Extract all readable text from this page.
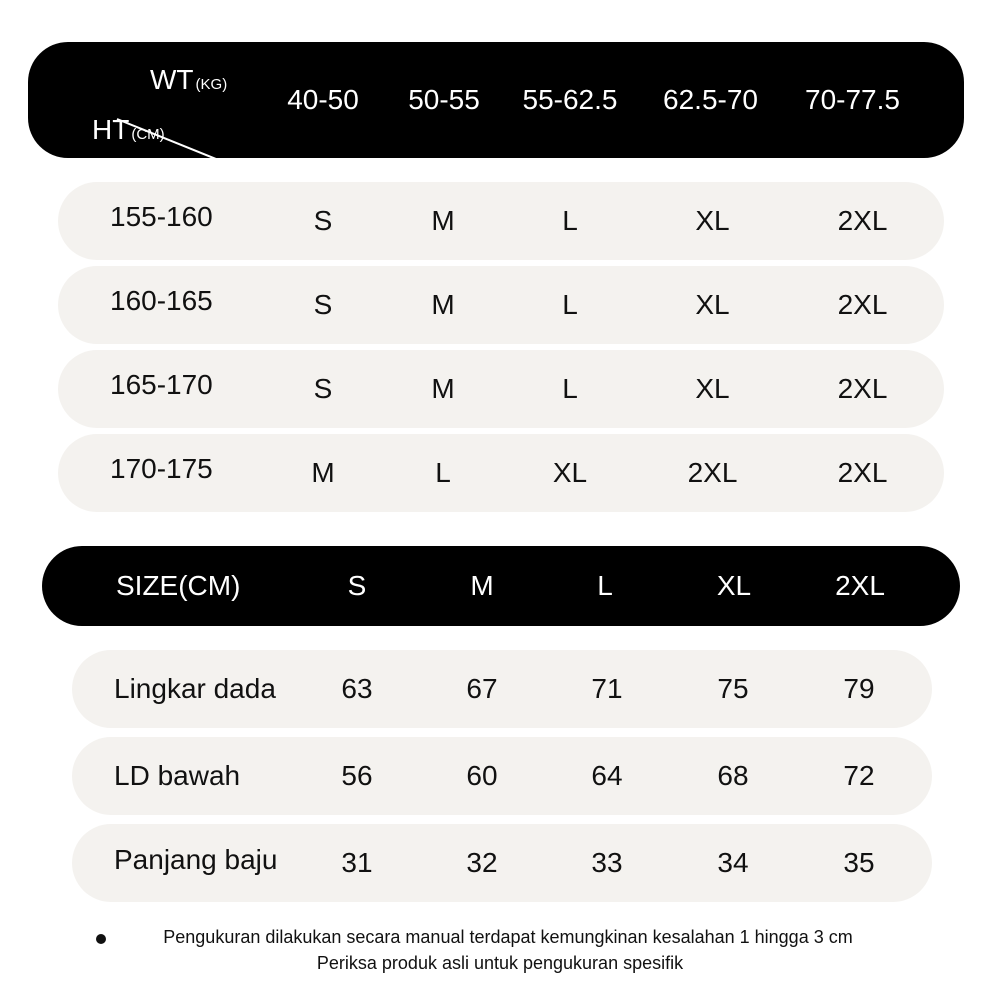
WT (KG)
HT (CM)
40-50	50-55	55-62.5	62.5-70	70-77.5
155-160	S	M	L	XL	2XL
160-165	S	M	L	XL	2XL
165-170	S	M	L	XL	2XL
170-175	M	L	XL	2XL	2XL
SIZE(CM)	S	M	L	XL	2XL
Lingkar dada	63	67	71	75	79
LD bawah	56	60	64	68	72
Panjang baju	31	32	33	34	35
Pengukuran dilakukan secara manual terdapat kemungkinan kesalahan 1 hingga 3 cm
Periksa produk asli untuk pengukuran spesifik
